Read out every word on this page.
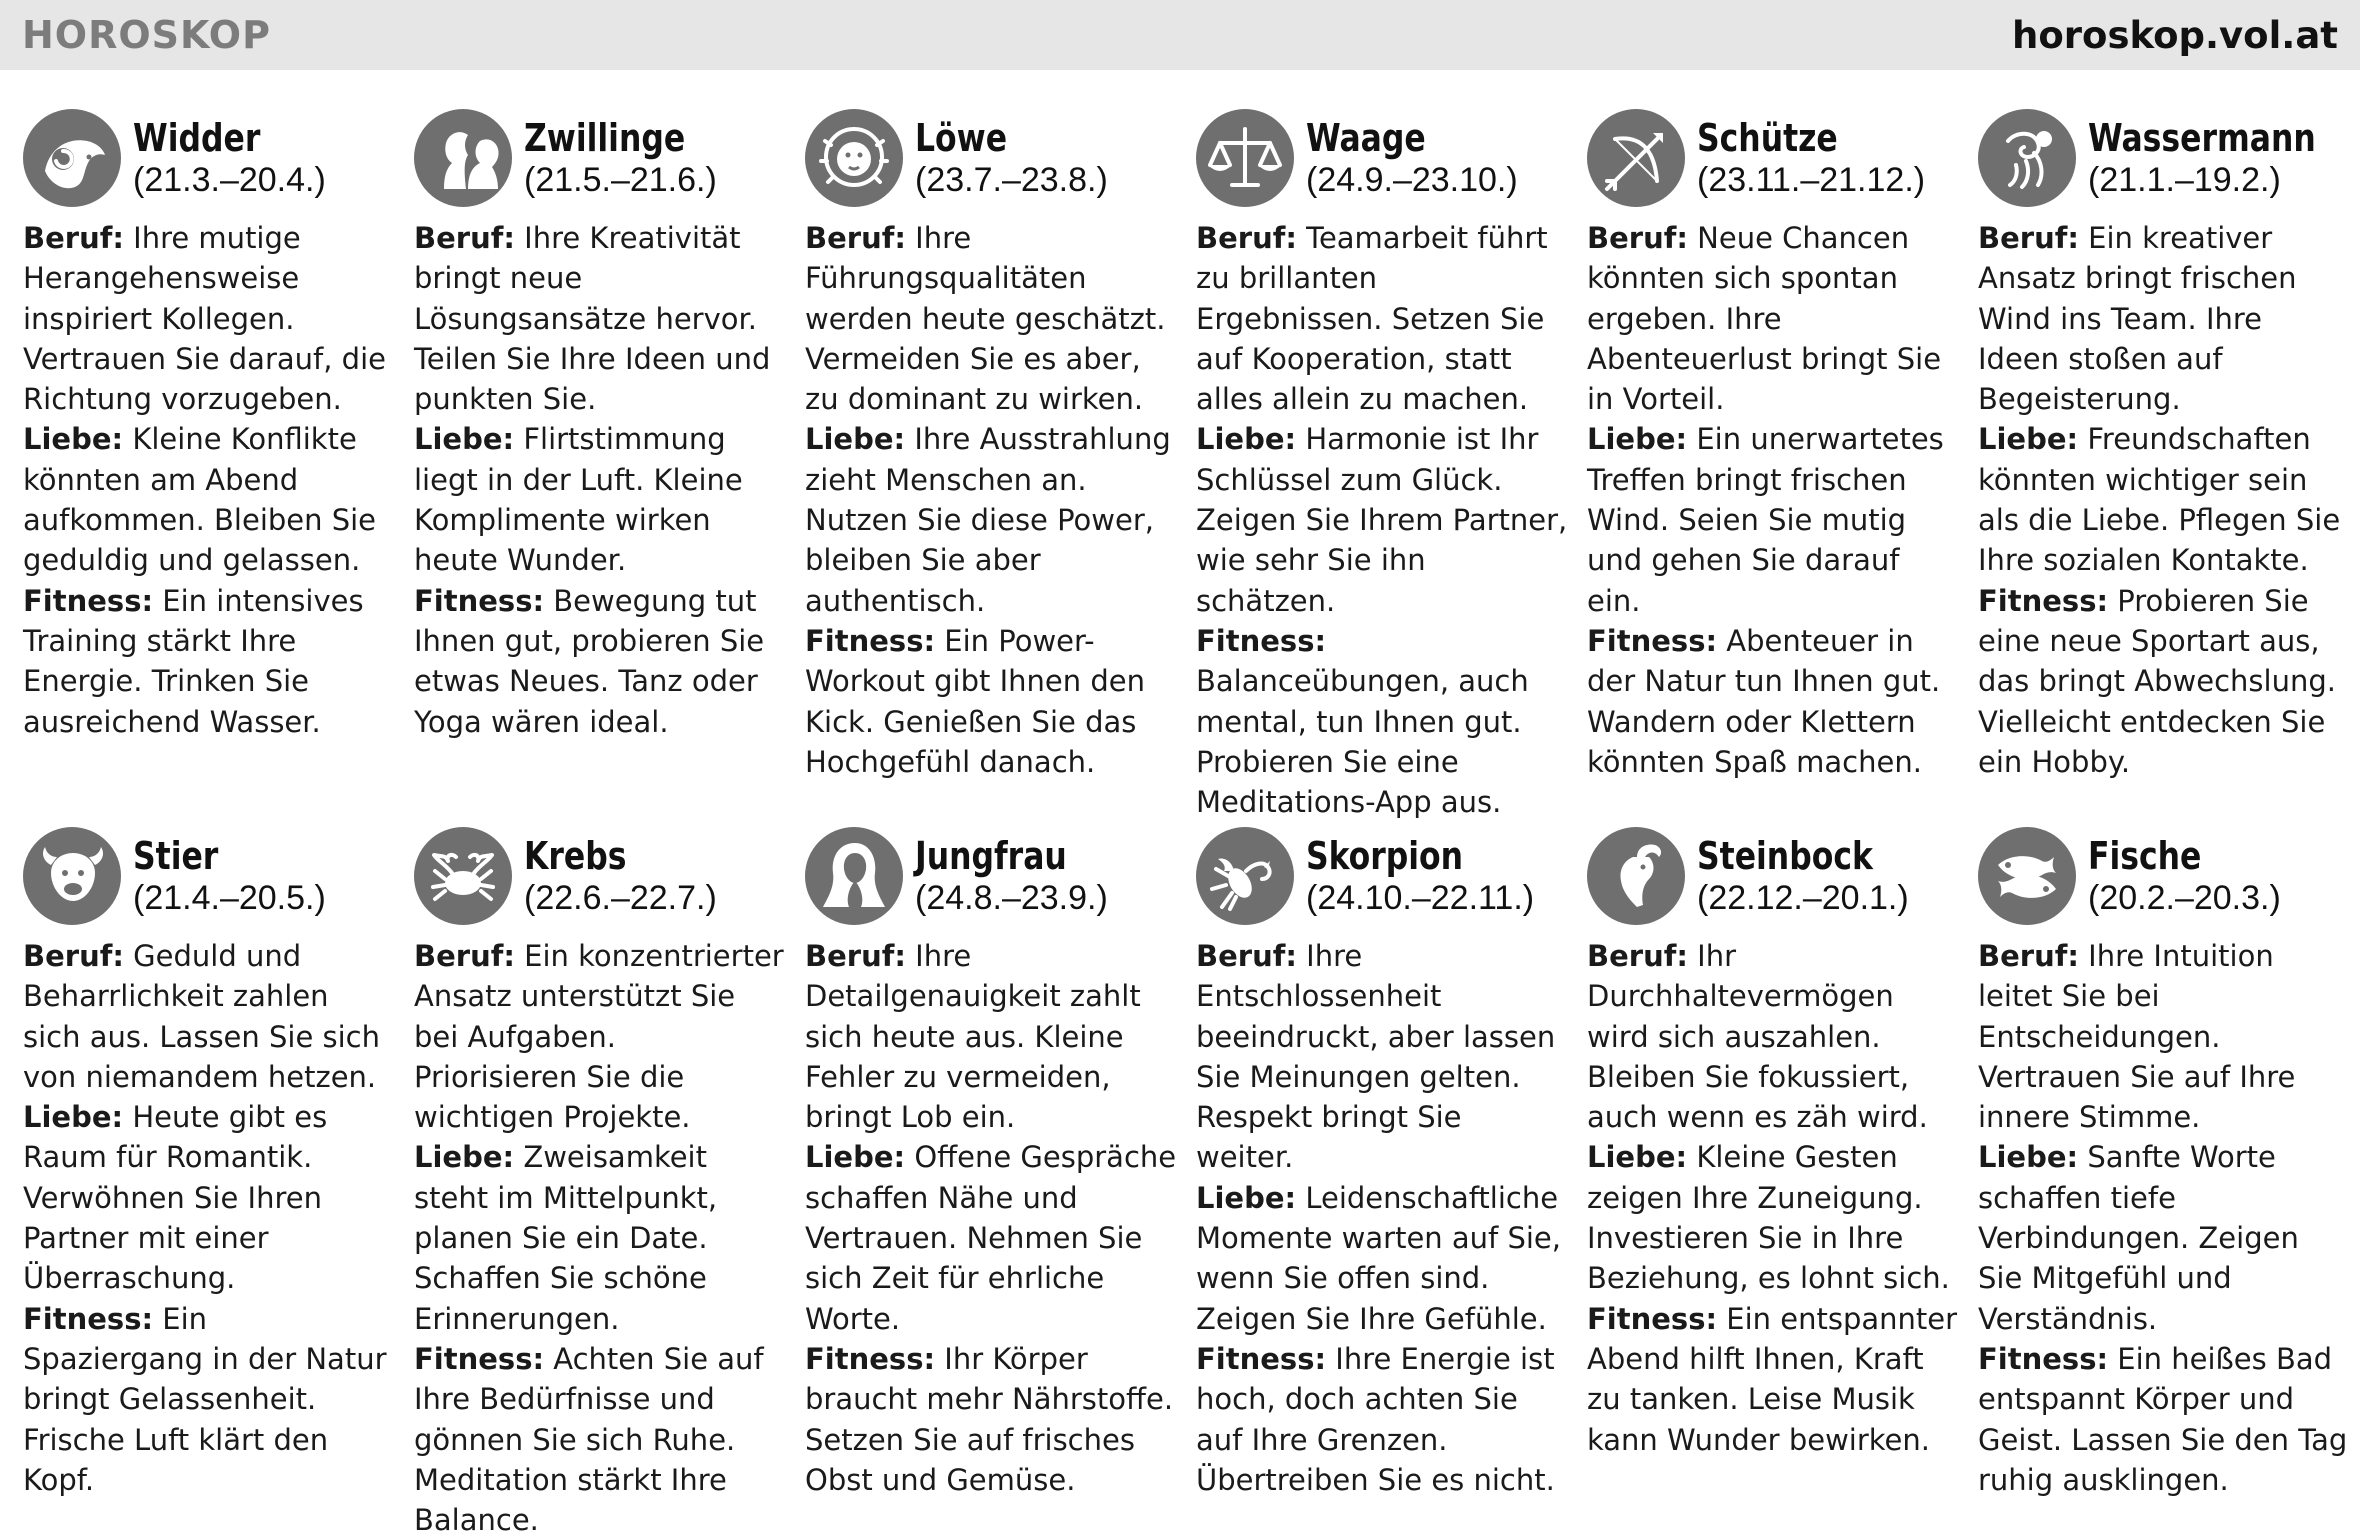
HOROSKOP	horoskop.vol.at
Widder
(21.3.–20.4.)

Beruf: Ihre mutige Herangehensweise inspiriert Kollegen. Vertrauen Sie darauf, die Richtung vorzugeben.

Liebe: Kleine Konflikte könnten am Abend aufkommen. Bleiben Sie geduldig und gelassen.

Fitness: Ein intensives Training stärkt Ihre Energie. Trinken Sie ausreichend Wasser.

Zwillinge
(21.5.–21.6.)

Beruf: Ihre Kreativität bringt neue Lösungsansätze hervor. Teilen Sie Ihre Ideen und punkten Sie.

Liebe: Flirtstimmung liegt in der Luft. Kleine Komplimente wirken heute Wunder.

Fitness: Bewegung tut Ihnen gut, probieren Sie etwas Neues. Tanz oder Yoga wären ideal.

Löwe
(23.7.–23.8.)

Beruf: Ihre Führungsqualitäten werden heute geschätzt. Vermeiden Sie es aber, zu dominant zu wirken.

Liebe: Ihre Ausstrahlung zieht Menschen an. Nutzen Sie diese Power, bleiben Sie aber authentisch.

Fitness: Ein Power-Workout gibt Ihnen den Kick. Genießen Sie das Hochgefühl danach.

Waage
(24.9.–23.10.)

Beruf: Teamarbeit führt zu brillanten Ergebnissen. Setzen Sie auf Kooperation, statt alles allein zu machen.

Liebe: Harmonie ist Ihr Schlüssel zum Glück. Zeigen Sie Ihrem Partner, wie sehr Sie ihn schätzen.

Fitness: Balanceübungen, auch mental, tun Ihnen gut. Probieren Sie eine Meditations-App aus.

Schütze
(23.11.–21.12.)

Beruf: Neue Chancen könnten sich spontan ergeben. Ihre Abenteuerlust bringt Sie in Vorteil.

Liebe: Ein unerwartetes Treffen bringt frischen Wind. Seien Sie mutig und gehen Sie darauf ein.

Fitness: Abenteuer in der Natur tun Ihnen gut. Wandern oder Klettern könnten Spaß machen.

Wassermann
(21.1.–19.2.)

Beruf: Ein kreativer Ansatz bringt frischen Wind ins Team. Ihre Ideen stoßen auf Begeisterung.

Liebe: Freundschaften könnten wichtiger sein als die Liebe. Pflegen Sie Ihre sozialen Kontakte.

Fitness: Probieren Sie eine neue Sportart aus, das bringt Abwechslung. Vielleicht entdecken Sie ein Hobby.

Stier
(21.4.–20.5.)

Beruf: Geduld und Beharrlichkeit zahlen sich aus. Lassen Sie sich von niemandem hetzen.

Liebe: Heute gibt es Raum für Romantik. Verwöhnen Sie Ihren Partner mit einer Überraschung.

Fitness: Ein Spaziergang in der Natur bringt Gelassenheit. Frische Luft klärt den Kopf.

Krebs
(22.6.–22.7.)

Beruf: Ein konzentrierter Ansatz unterstützt Sie bei Aufgaben. Priorisieren Sie die wichtigen Projekte.

Liebe: Zweisamkeit steht im Mittelpunkt, planen Sie ein Date. Schaffen Sie schöne Erinnerungen.

Fitness: Achten Sie auf Ihre Bedürfnisse und gönnen Sie sich Ruhe. Meditation stärkt Ihre Balance.

Jungfrau
(24.8.–23.9.)

Beruf: Ihre Detailgenauigkeit zahlt sich heute aus. Kleine Fehler zu vermeiden, bringt Lob ein.

Liebe: Offene Gespräche schaffen Nähe und Vertrauen. Nehmen Sie sich Zeit für ehrliche Worte.

Fitness: Ihr Körper braucht mehr Nährstoffe. Setzen Sie auf frisches Obst und Gemüse.

Skorpion
(24.10.–22.11.)

Beruf: Ihre Entschlossenheit beeindruckt, aber lassen Sie Meinungen gelten. Respekt bringt Sie weiter.

Liebe: Leidenschaftliche Momente warten auf Sie, wenn Sie offen sind. Zeigen Sie Ihre Gefühle.

Fitness: Ihre Energie ist hoch, doch achten Sie auf Ihre Grenzen. Übertreiben Sie es nicht.

Steinbock
(22.12.–20.1.)

Beruf: Ihr Durchhaltevermögen wird sich auszahlen. Bleiben Sie fokussiert, auch wenn es zäh wird.

Liebe: Kleine Gesten zeigen Ihre Zuneigung. Investieren Sie in Ihre Beziehung, es lohnt sich.

Fitness: Ein entspannter Abend hilft Ihnen, Kraft zu tanken. Leise Musik kann Wunder bewirken.

Fische
(20.2.–20.3.)

Beruf: Ihre Intuition leitet Sie bei Entscheidungen. Vertrauen Sie auf Ihre innere Stimme.

Liebe: Sanfte Worte schaffen tiefe Verbindungen. Zeigen Sie Mitgefühl und Verständnis.

Fitness: Ein heißes Bad entspannt Körper und Geist. Lassen Sie den Tag ruhig ausklingen.
